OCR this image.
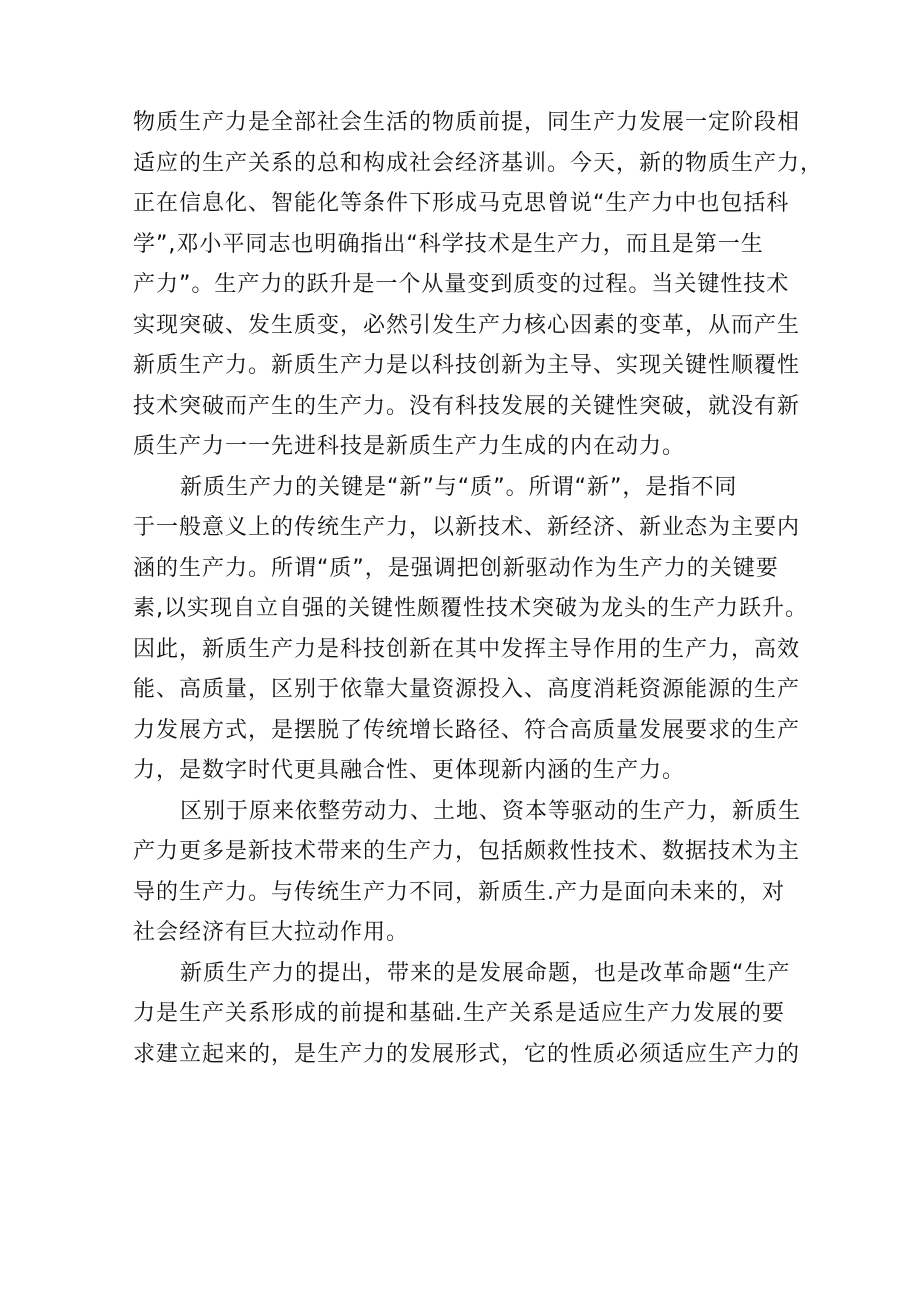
物质生产力是全部社会生活的物质前提，同生产力发展一定阶段相
适应的生产关系的总和构成社会经济基训。今天，新的物质生产力，
正在信息化、智能化等条件下形成马克思曾说“生产力中也包括科
学”,邓小平同志也明确指出“科学技术是生产力，而且是第一生
产力”。生产力的跃升是一个从量变到质变的过程。当关键性技术
实现突破、发生质变，必然引发生产力核心因素的变革，从而产生
新质生产力。新质生产力是以科技创新为主导、实现关键性顺覆性
技术突破而产生的生产力。没有科技发展的关键性突破，就没有新
质生产力一一先进科技是新质生产力生成的内在动力。

新质生产力的关键是“新”与“质”。所谓“新”，是指不同
于一般意义上的传统生产力，以新技术、新经济、新业态为主要内
涵的生产力。所谓“质”，是强调把创新驱动作为生产力的关键要
素,以实现自立自强的关键性颇覆性技术突破为龙头的生产力跃升。
因此，新质生产力是科技创新在其中发挥主导作用的生产力，高效
能、高质量，区别于依靠大量资源投入、高度消耗资源能源的生产
力发展方式，是摆脱了传统增长路径、符合高质量发展要求的生产
力，是数字时代更具融合性、更体现新内涵的生产力。

区别于原来依整劳动力、土地、资本等驱动的生产力，新质生
产力更多是新技术带来的生产力，包括颇救性技术、数据技术为主
导的生产力。与传统生产力不同，新质生.产力是面向未来的，对
社会经济有巨大拉动作用。

新质生产力的提出，带来的是发展命题，也是改革命题“生产
力是生产关系形成的前提和基础.生产关系是适应生产力发展的要
求建立起来的，是生产力的发展形式，它的性质必须适应生产力的
